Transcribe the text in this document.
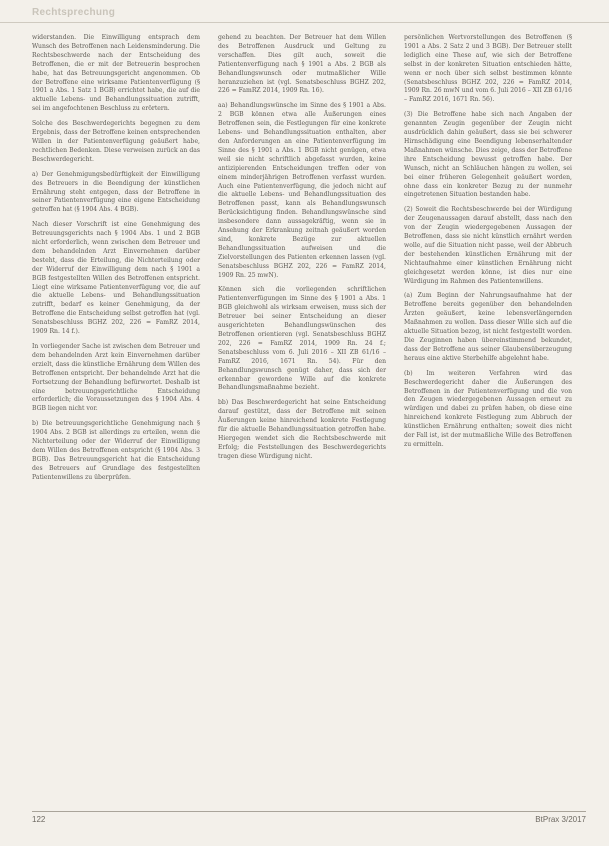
Rechtsprechung

widerstanden. Die Einwilligung entsprach dem Wunsch des Betroffenen nach Leidensminderung. Die Rechtsbeschwerde nach der Entscheidung des Betroffenen, die er mit der Betreuerin besprochen habe, hat das Betreuungsgericht angenommen. Ob der Betroffene eine wirksame Patientenverfügung (§ 1901 a Abs. 1 Satz 1 BGB) errichtet habe, die auf die aktuelle Lebens- und Behandlungssituation zutrifft, sei im angefochtenen Beschluss zu erörtern.

Solche des Beschwerdegerichts begegnen zu dem Ergebnis, dass der Betroffene keinen entsprechenden Willen in der Patientenverfügung geäußert habe, rechtlichen Bedenken. Diese verweisen zurück an das Beschwerdegericht.

a) Der Genehmigungsbedürftigkeit der Einwilligung des Betreuers in die Beendigung der künstlichen Ernährung steht entgegen, dass der Betroffene in seiner Patientenverfügung eine eigene Entscheidung getroffen hat (§ 1904 Abs. 4 BGB).

Nach dieser Vorschrift ist eine Genehmigung des Betreuungsgerichts nach § 1904 Abs. 1 und 2 BGB nicht erforderlich, wenn zwischen dem Betreuer und dem behandelnden Arzt Einvernehmen darüber besteht, dass die Erteilung, die Nichterteilung oder der Widerruf der Einwilligung dem nach § 1901 a BGB festgestellten Willen des Betroffenen entspricht. Liegt eine wirksame Patientenverfügung vor, die auf die aktuelle Lebens- und Behandlungssituation zutrifft, bedarf es keiner Genehmigung, da der Betroffene die Entscheidung selbst getroffen hat (vgl. Senatsbeschluss BGHZ 202, 226 = FamRZ 2014, 1909 Rn. 14 f.).

In vorliegender Sache ist zwischen dem Betreuer und dem behandelnden Arzt kein Einvernehmen darüber erzielt, dass die künstliche Ernährung dem Willen des Betroffenen entspricht. Der behandelnde Arzt hat die Fortsetzung der Behandlung befürwortet. Deshalb ist eine betreuungsgerichtliche Entscheidung erforderlich; die Voraussetzungen des § 1904 Abs. 4 BGB liegen nicht vor.

b) Die betreuungsgerichtliche Genehmigung nach § 1904 Abs. 2 BGB ist allerdings zu erteilen, wenn die Nichterteilung oder der Widerruf der Einwilligung dem Willen des Betroffenen entspricht (§ 1904 Abs. 3 BGB). Das Betreuungsgericht hat die Entscheidung des Betreuers auf Grundlage des festgestellten Patientenwillens zu überprüfen.

gehend zu beachten. Der Betreuer hat dem Willen des Betroffenen Ausdruck und Geltung zu verschaffen. Dies gilt auch, soweit die Patientenverfügung nach § 1901 a Abs. 2 BGB als Behandlungswunsch oder mutmaßlicher Wille heranzuziehen ist (vgl. Senatsbeschluss BGHZ 202, 226 = FamRZ 2014, 1909 Rn. 16).

aa) Behandlungswünsche im Sinne des § 1901 a Abs. 2 BGB können etwa alle Äußerungen eines Betroffenen sein, die Festlegungen für eine konkrete Lebens- und Behandlungssituation enthalten, aber den Anforderungen an eine Patientenverfügung im Sinne des § 1901 a Abs. 1 BGB nicht genügen, etwa weil sie nicht schriftlich abgefasst wurden, keine antizipierenden Entscheidungen treffen oder von einem minderjährigen Betroffenen verfasst wurden. Auch eine Patientenverfügung, die jedoch nicht auf die aktuelle Lebens- und Behandlungssituation des Betroffenen passt, kann als Behandlungswunsch Berücksichtigung finden. Behandlungswünsche sind insbesondere dann aussagekräftig, wenn sie in Ansehung der Erkrankung zeitnah geäußert worden sind, konkrete Bezüge zur aktuellen Behandlungssituation aufweisen und die Zielvorstellungen des Patienten erkennen lassen (vgl. Senatsbeschluss BGHZ 202, 226 = FamRZ 2014, 1909 Rn. 25 mwN).

Können sich die vorliegenden schriftlichen Patientenverfügungen im Sinne des § 1901 a Abs. 1 BGB gleichwohl als wirksam erweisen, muss sich der Betreuer bei seiner Entscheidung an dieser ausgerichteten Behandlungswünschen des Betroffenen orientieren (vgl. Senatsbeschluss BGHZ 202, 226 = FamRZ 2014, 1909 Rn. 24 f.; Senatsbeschluss vom 6. Juli 2016 – XII ZB 61/16 – FamRZ 2016, 1671 Rn. 54). Für den Behandlungswunsch genügt daher, dass sich der erkennbar gewordene Wille auf die konkrete Behandlungsmaßnahme bezieht.

bb) Das Beschwerdegericht hat seine Entscheidung darauf gestützt, dass der Betroffene mit seinen Äußerungen keine hinreichend konkrete Festlegung für die aktuelle Behandlungssituation getroffen habe. Hiergegen wendet sich die Rechtsbeschwerde mit Erfolg; die Feststellungen des Beschwerdegerichts tragen diese Würdigung nicht.

persönlichen Wertvorstellungen des Betroffenen (§ 1901 a Abs. 2 Satz 2 und 3 BGB). Der Betreuer stellt lediglich eine These auf, wie sich der Betroffene selbst in der konkreten Situation entschieden hätte, wenn er noch über sich selbst bestimmen könnte (Senatsbeschluss BGHZ 202, 226 = FamRZ 2014, 1909 Rn. 26 mwN und vom 6. Juli 2016 – XII ZB 61/16 – FamRZ 2016, 1671 Rn. 56).

(3) Die Betroffene habe sich nach Angaben der genannten Zeugin gegenüber der Zeugin nicht ausdrücklich dahin geäußert, dass sie bei schwerer Hirnschädigung eine Beendigung lebenserhaltender Maßnahmen wünsche. Dies zeige, dass der Betroffene ihre Entscheidung bewusst getroffen habe. Der Wunsch, nicht an Schläuchen hängen zu wollen, sei bei einer früheren Gelegenheit geäußert worden, ohne dass ein konkreter Bezug zu der nunmehr eingetretenen Situation bestanden habe.

(2) Soweit die Rechtsbeschwerde bei der Würdigung der Zeugenaussagen darauf abstellt, dass nach den von der Zeugin wiedergegebenen Aussagen der Betroffenen, dass sie nicht künstlich ernährt werden wolle, auf die Situation nicht passe, weil der Abbruch der bestehenden künstlichen Ernährung mit der Nichtaufnahme einer künstlichen Ernährung nicht gleichgesetzt werden könne, ist dies nur eine Würdigung im Rahmen des Patientenwillens.

(a) Zum Beginn der Nahrungsaufnahme hat der Betroffene bereits gegenüber den behandelnden Ärzten geäußert, keine lebensverlängernden Maßnahmen zu wollen. Dass dieser Wille sich auf die aktuelle Situation bezog, ist nicht festgestellt worden. Die Zeuginnen haben übereinstimmend bekundet, dass der Betroffene aus seiner Glaubensüberzeugung heraus eine aktive Sterbehilfe abgelehnt habe.

(b) Im weiteren Verfahren wird das Beschwerdegericht daher die Äußerungen des Betroffenen in der Patientenverfügung und die von den Zeugen wiedergegebenen Aussagen erneut zu würdigen und dabei zu prüfen haben, ob diese eine hinreichend konkrete Festlegung zum Abbruch der künstlichen Ernährung enthalten; soweit dies nicht der Fall ist, ist der mutmaßliche Wille des Betroffenen zu ermitteln.

122	BtPrax 3/2017
